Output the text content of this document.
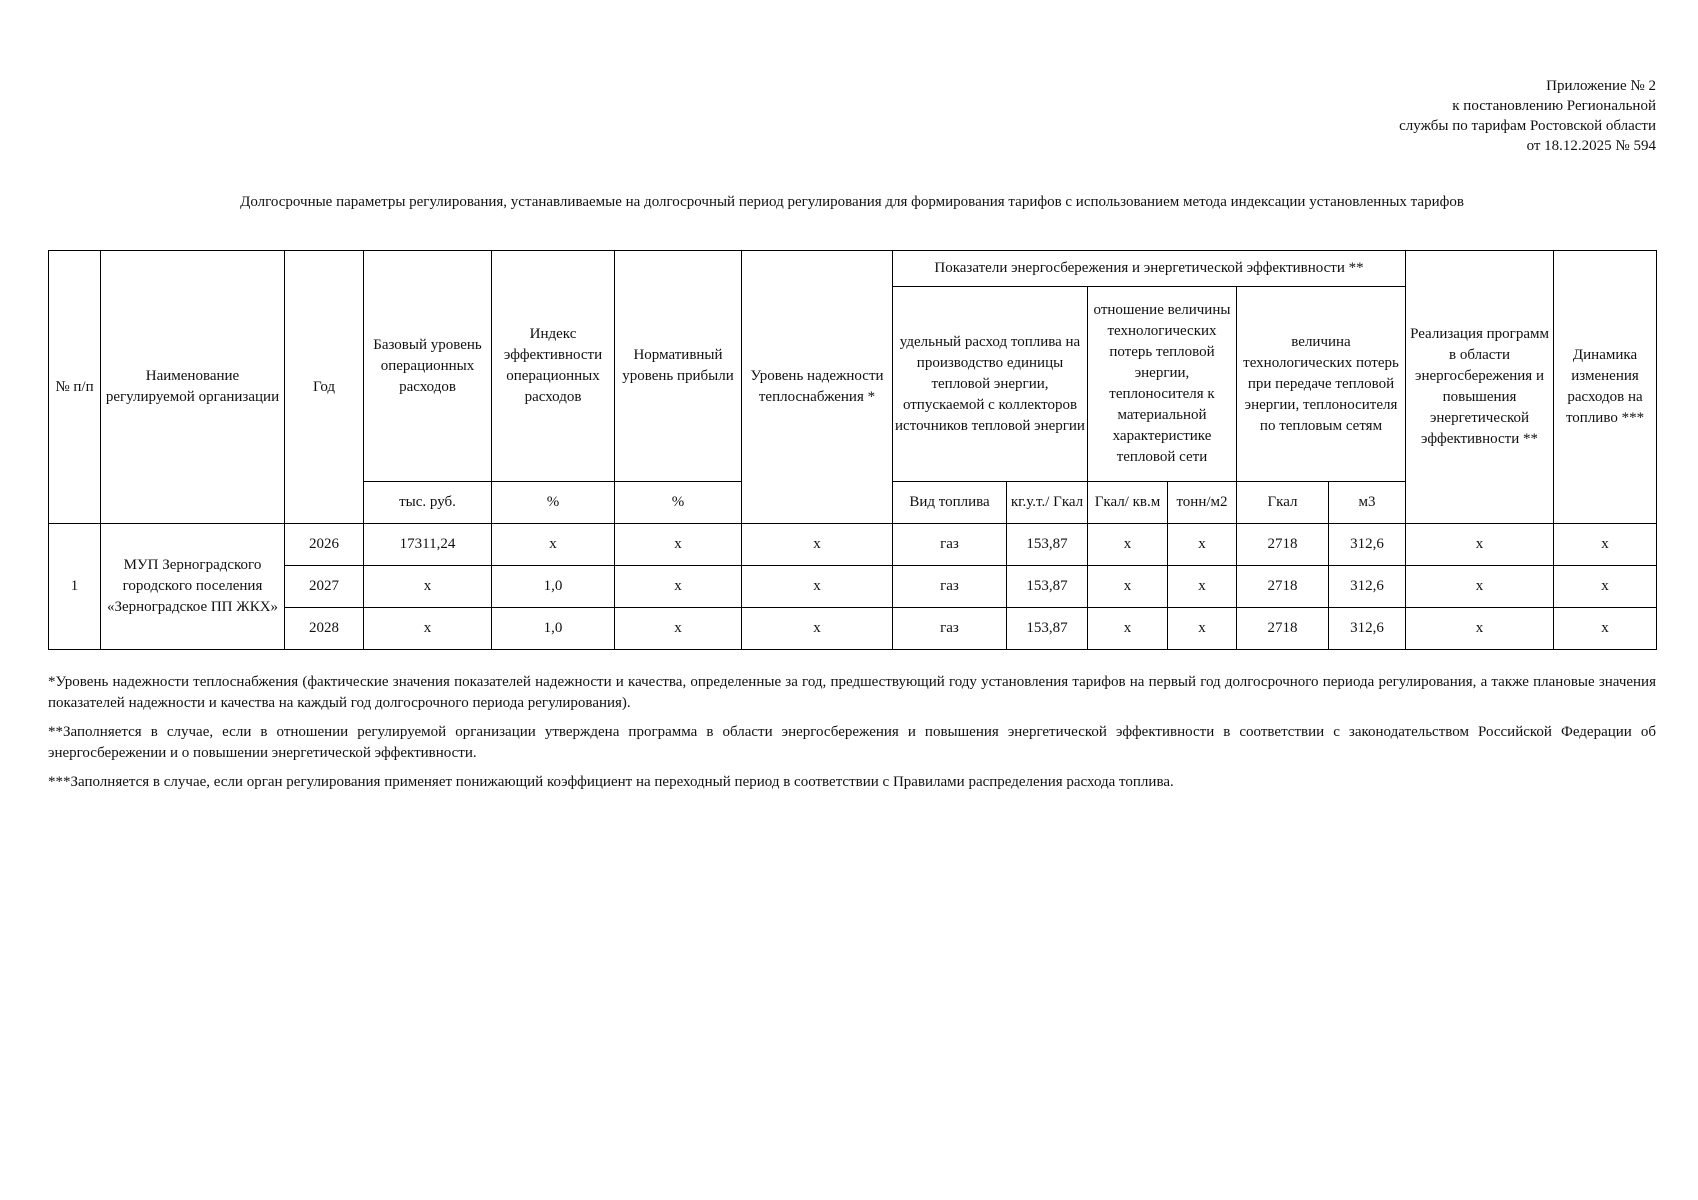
Приложение № 2
к постановлению Региональной
службы по тарифам Ростовской области
от 18.12.2025 № 594
Долгосрочные параметры регулирования, устанавливаемые на долгосрочный период регулирования для формирования тарифов с использованием метода индексации установленных тарифов
№ п/п	Наименование регулируемой организации	Год	Базовый уровень операционных расходов	Индекс эффективности операционных расходов	Нормативный уровень прибыли	Уровень надежности теплоснабжения *	Показатели энергосбережения и энергетической эффективности **						Реализация программ в области энергосбережения и повышения энергетической эффективности **	Динамика изменения расходов на топливо ***
							удельный расход топлива на производство единицы тепловой энергии, отпускаемой с коллекторов источников тепловой энергии		отношение величины технологических потерь тепловой энергии, теплоносителя к материальной характеристике тепловой сети		величина технологических потерь при передаче тепловой энергии, теплоносителя по тепловым сетям			
			тыс. руб.	%	%		Вид топлива	кг.у.т./ Гкал	Гкал/ кв.м	тонн/м2	Гкал	м3		
1	МУП Зерноградского городского поселения «Зерноградское ПП ЖКХ»	2026	17311,24	x	x	x	газ	153,87	x	x	2718	312,6	x	x
		2027	x	1,0	x	x	газ	153,87	x	x	2718	312,6	x	x
		2028	x	1,0	x	x	газ	153,87	x	x	2718	312,6	x	x

*Уровень надежности теплоснабжения (фактические значения показателей надежности и качества, определенные за год, предшествующий году установления тарифов на первый год долгосрочного периода регулирования, а также плановые значения показателей надежности и качества на каждый год долгосрочного периода регулирования).

**Заполняется в случае, если в отношении регулируемой организации утверждена программа в области энергосбережения и повышения энергетической эффективности в соответствии с законодательством Российской Федерации об энергосбережении и о повышении энергетической эффективности.

***Заполняется в случае, если орган регулирования применяет понижающий коэффициент на переходный период в соответствии с Правилами распределения расхода топлива.
